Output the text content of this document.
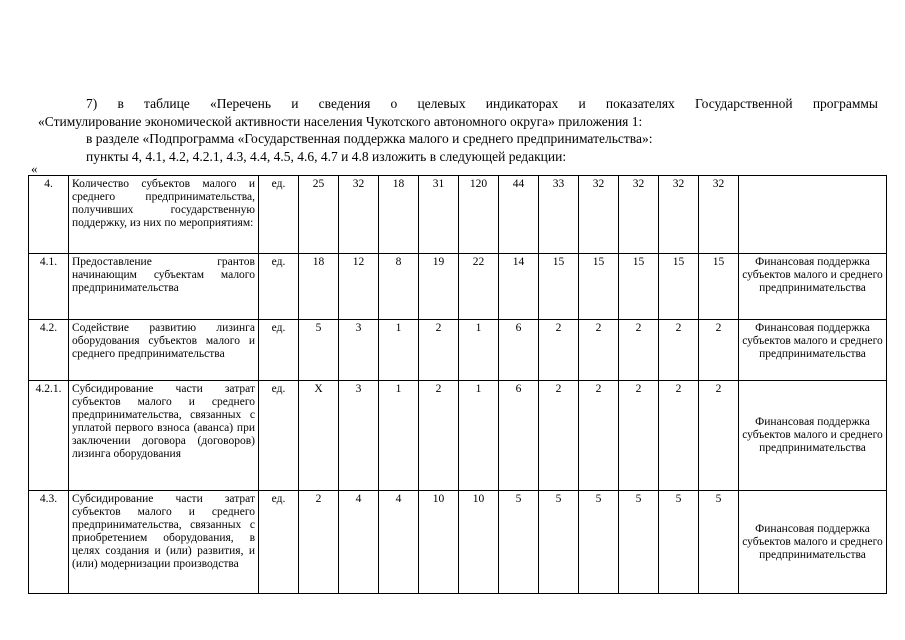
7) в таблице «Перечень и сведения о целевых индикаторах и показателях Государственной программы

«Стимулирование экономической активности населения Чукотского автономного округа» приложения 1:

в разделе «Подпрограмма «Государственная поддержка малого и среднего предпринимательства»:

пункты 4, 4.1, 4.2, 4.2.1, 4.3, 4.4, 4.5, 4.6, 4.7 и 4.8 изложить в следующей редакции:

«
4.	Количество субъектов малого и среднего предпринимательства, получивших государственную поддержку, из них по мероприятиям:	ед.	25	32	18	31	120	44	33	32	32	32	32	
4.1.	Предоставление грантов начинающим субъектам малого предпринимательства	ед.	18	12	8	19	22	14	15	15	15	15	15	Финансовая поддержка субъектов малого и среднего предпринимательства
4.2.	Содействие развитию лизинга оборудования субъектов малого и среднего предпринимательства	ед.	5	3	1	2	1	6	2	2	2	2	2	Финансовая поддержка субъектов малого и среднего предпринимательства
4.2.1.	Субсидирование части затрат субъектов малого и среднего предпринимательства, связанных с уплатой первого взноса (аванса) при заключении договора (договоров) лизинга оборудования	ед.	Х	3	1	2	1	6	2	2	2	2	2	Финансовая поддержка субъектов малого и среднего предпринимательства
4.3.	Субсидирование части затрат субъектов малого и среднего предпринимательства, связанных с приобретением оборудования, в целях создания и (или) развития, и (или) модернизации производства	ед.	2	4	4	10	10	5	5	5	5	5	5	Финансовая поддержка субъектов малого и среднего предпринимательства
